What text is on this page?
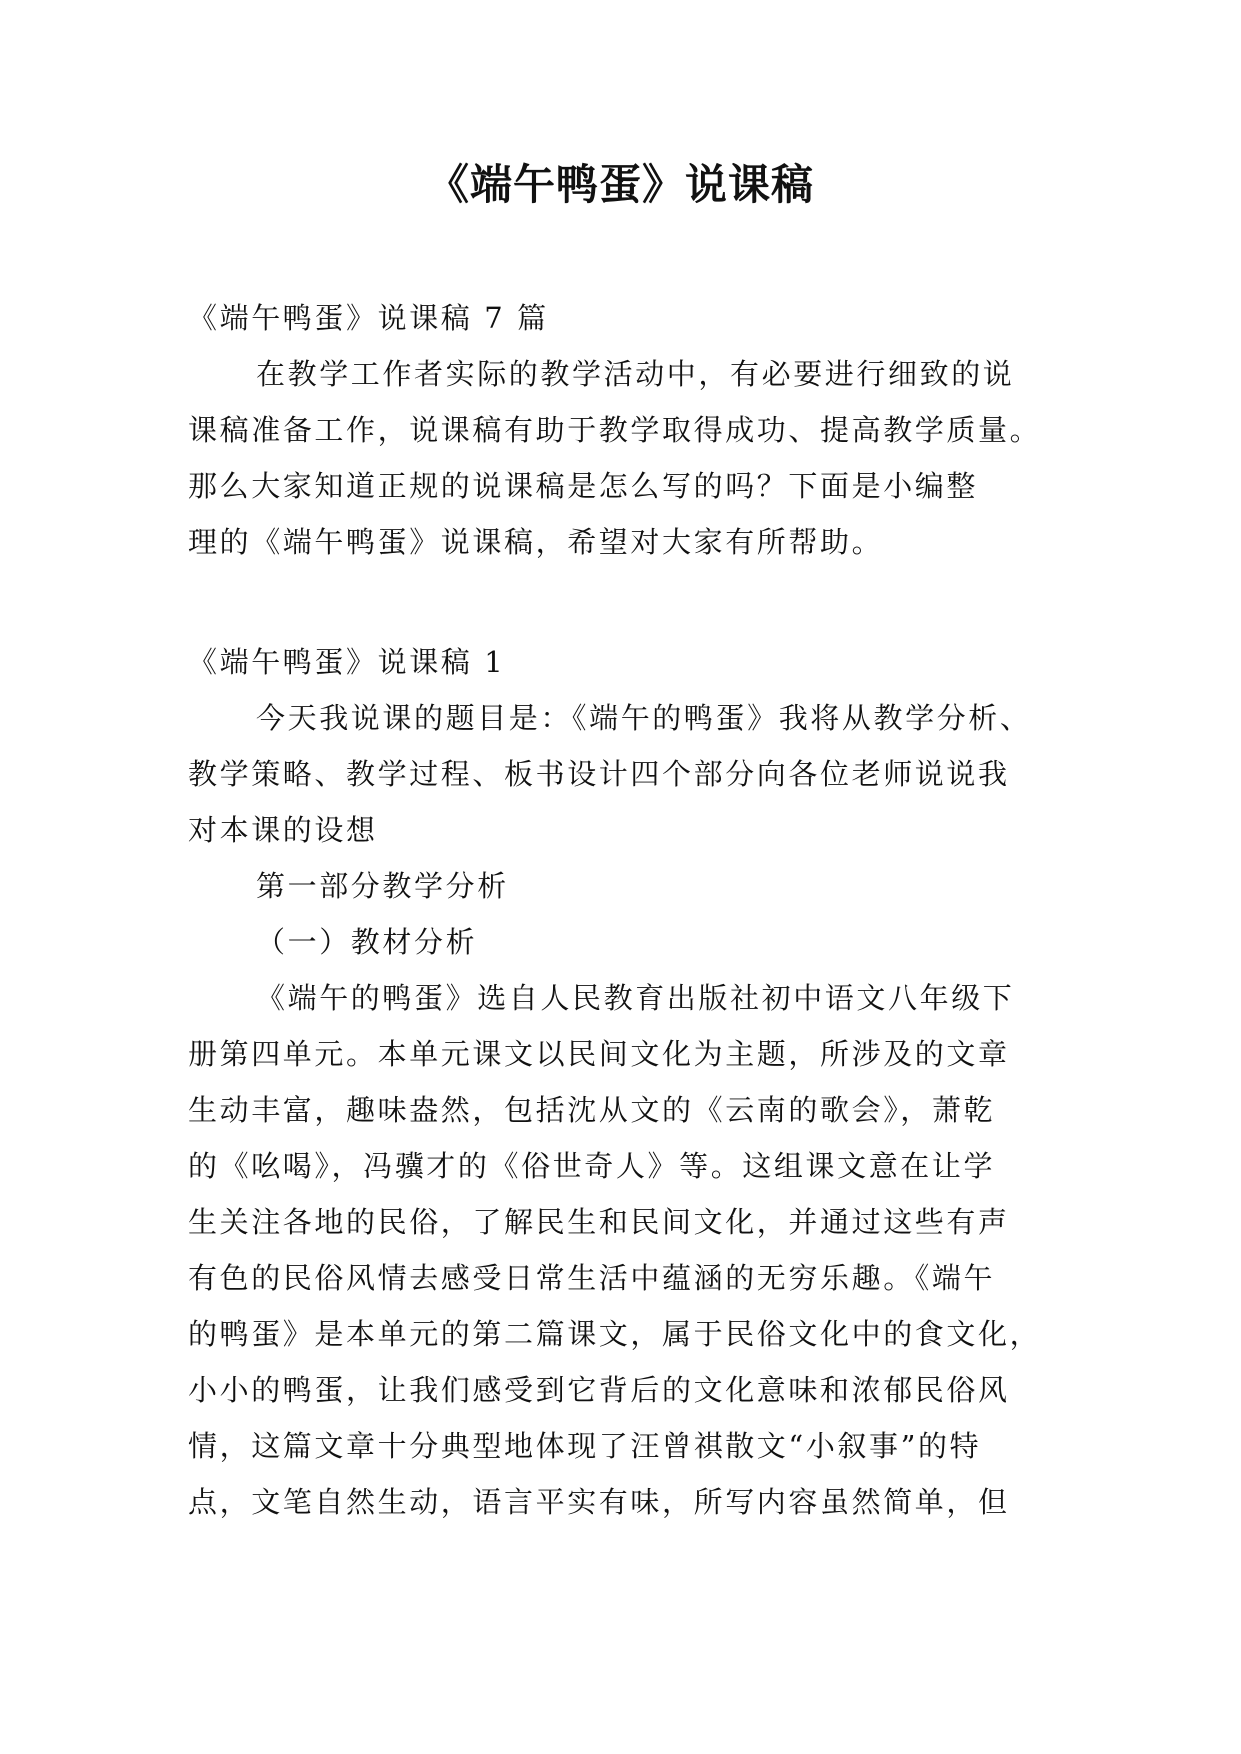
《端午鸭蛋》说课稿
《端午鸭蛋》说课稿 7 篇
在教学工作者实际的教学活动中，有必要进行细致的说
课稿准备工作，说课稿有助于教学取得成功、提高教学质量。
那么大家知道正规的说课稿是怎么写的吗？下面是小编整
理的《端午鸭蛋》说课稿，希望对大家有所帮助。
《端午鸭蛋》说课稿 1
今天我说课的题目是：《端午的鸭蛋》我将从教学分析、
教学策略、教学过程、板书设计四个部分向各位老师说说我
对本课的设想
第一部分教学分析
（一）教材分析
《端午的鸭蛋》选自人民教育出版社初中语文八年级下
册第四单元。本单元课文以民间文化为主题，所涉及的文章
生动丰富，趣味盎然，包括沈从文的《云南的歌会》，萧乾
的《吆喝》，冯骥才的《俗世奇人》等。这组课文意在让学
生关注各地的民俗，了解民生和民间文化，并通过这些有声
有色的民俗风情去感受日常生活中蕴涵的无穷乐趣。《端午
的鸭蛋》是本单元的第二篇课文，属于民俗文化中的食文化，
小小的鸭蛋，让我们感受到它背后的文化意味和浓郁民俗风
情，这篇文章十分典型地体现了汪曾祺散文“小叙事”的特
点，文笔自然生动，语言平实有味，所写内容虽然简单，但
